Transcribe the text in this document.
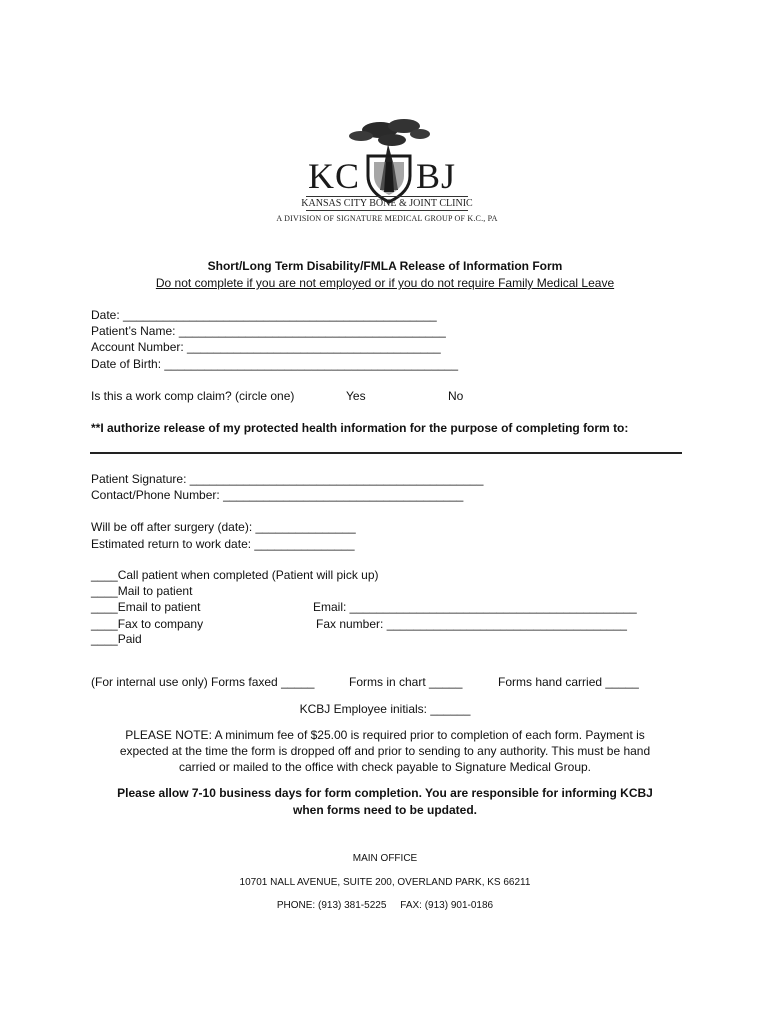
KC BJ
KANSAS CITY BONE & JOINT CLINIC
A DIVISION OF SIGNATURE MEDICAL GROUP OF K.C., PA
Short/Long Term Disability/FMLA Release of Information Form
Do not complete if you are not employed or if you do not require Family Medical Leave
Date: _______________________________________________
Patient’s Name: ________________________________________
Account Number: ______________________________________
Date of Birth: ____________________________________________
Is this a work comp claim? (circle one)	Yes	No
**I authorize release of my protected health information for the purpose of completing form to:
Patient Signature: ____________________________________________
Contact/Phone Number: ____________________________________
Will be off after surgery (date): _______________
Estimated return to work date: _______________
____Call patient when completed (Patient will pick up)
____Mail to patient
____Email to patient	Email: ___________________________________________
____Fax to company	Fax number: ____________________________________
____Paid
(For internal use only) Forms faxed _____	Forms in chart _____	Forms hand carried _____
KCBJ Employee initials: ______
PLEASE NOTE: A minimum fee of $25.00 is required prior to completion of each form. Payment is
expected at the time the form is dropped off and prior to sending to any authority. This must be hand
carried or mailed to the office with check payable to Signature Medical Group.
Please allow 7-10 business days for form completion. You are responsible for informing KCBJ
when forms need to be updated.
MAIN OFFICE
10701 NALL AVENUE, SUITE 200, OVERLAND PARK, KS 66211
PHONE: (913) 381-5225     FAX: (913) 901-0186
